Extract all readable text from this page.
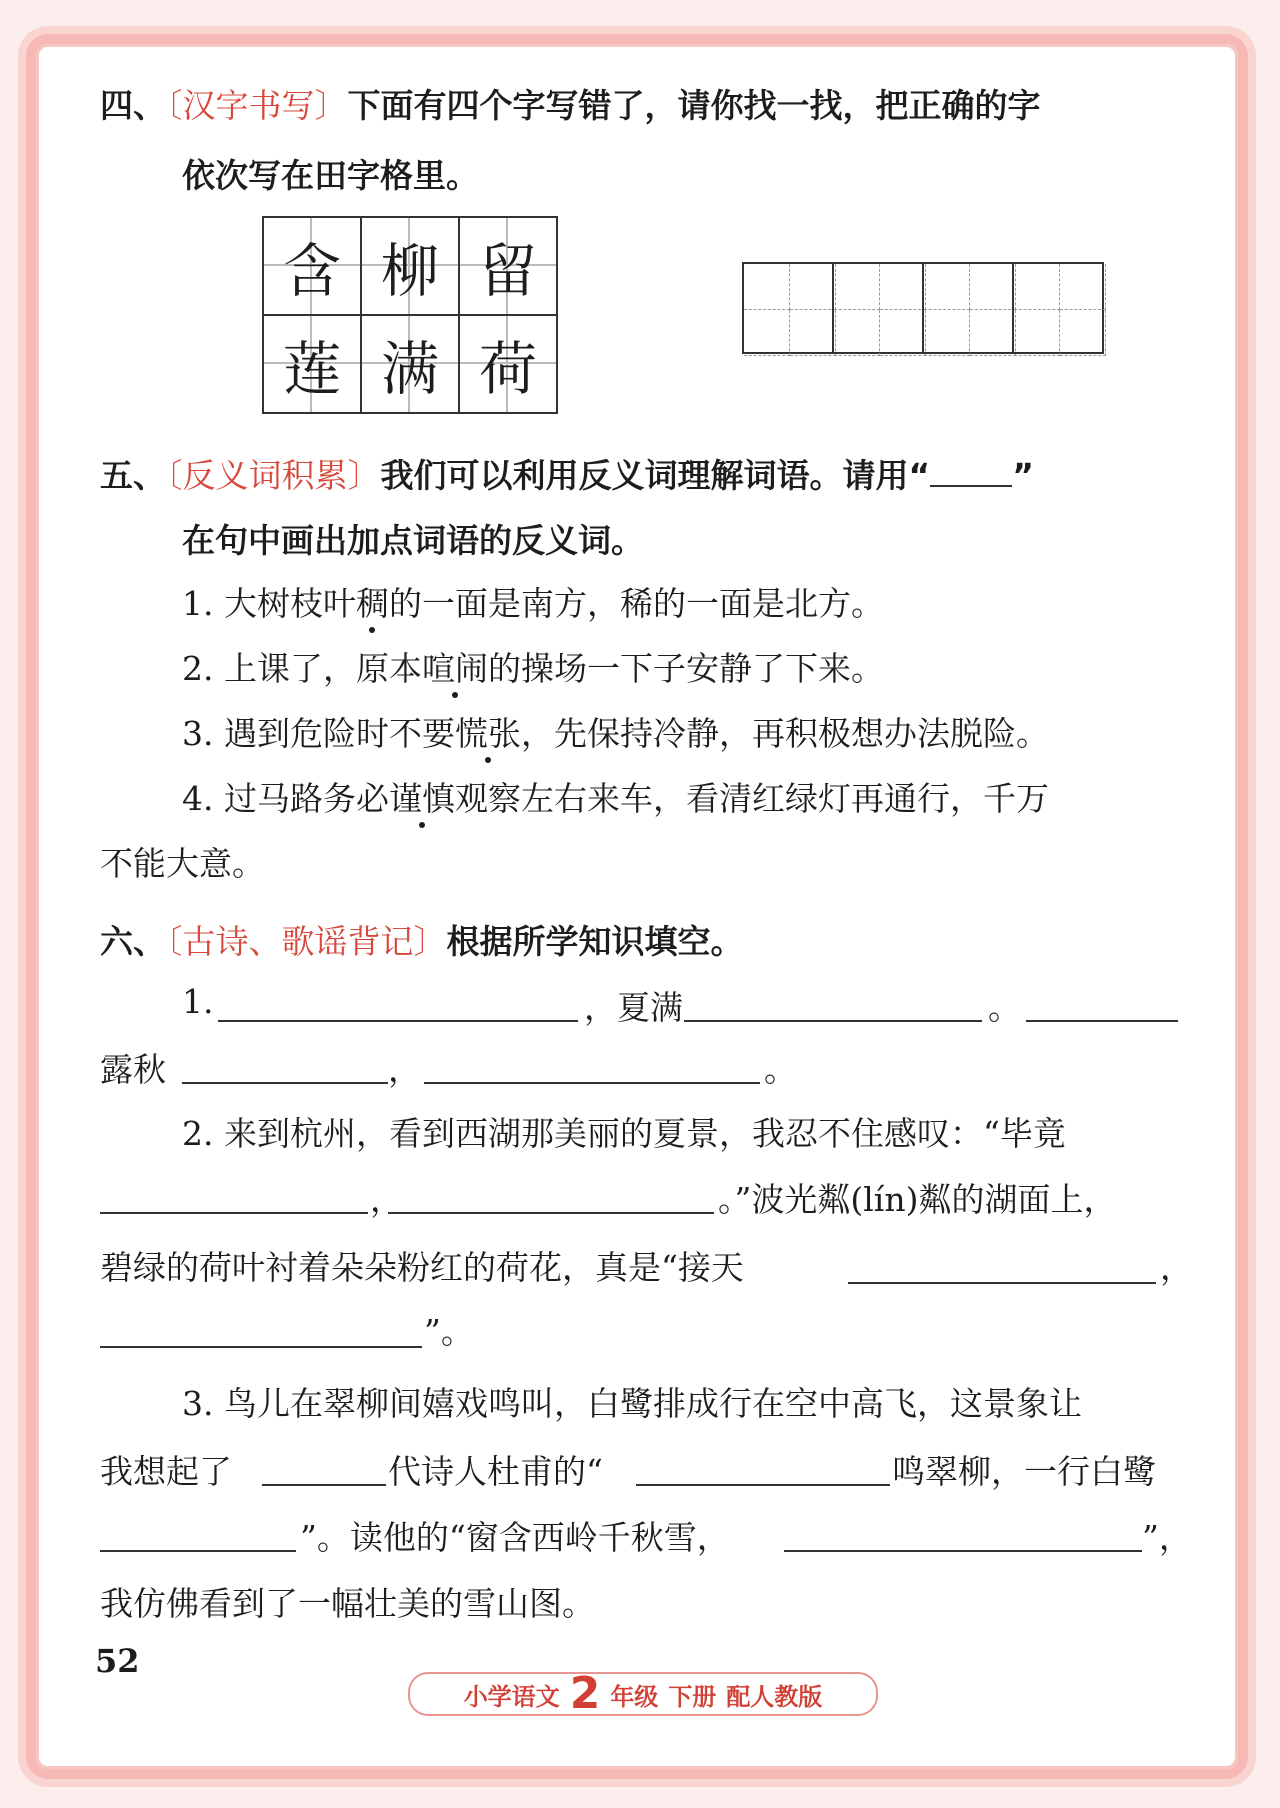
四、〔汉字书写〕下面有四个字写错了，请你找一找，把正确的字
依次写在田字格里。
含	柳	留
莲	满	荷
五、〔反义词积累〕我们可以利用反义词理解词语。请用“ ”
在句中画出加点词语的反义词。
1. 大树枝叶稠的一面是南方，稀的一面是北方。
2. 上课了，原本喧闹的操场一下子安静了下来。
3. 遇到危险时不要慌张，先保持冷静，再积极想办法脱险。
4. 过马路务必谨慎观察左右来车，看清红绿灯再通行，千万
不能大意。
六、〔古诗、歌谣背记〕根据所学知识填空。
1.	，夏满	。
露秋	，	。
2. 来到杭州，看到西湖那美丽的夏景，我忍不住感叹：“毕竟
，	。”波光粼(lín)粼的湖面上，
碧绿的荷叶衬着朵朵粉红的荷花，真是“接天	，
”。
3. 鸟儿在翠柳间嬉戏鸣叫，白鹭排成行在空中高飞，这景象让
我想起了	代诗人杜甫的“	鸣翠柳，一行白鹭
”。读他的“窗含西岭千秋雪，	”，
我仿佛看到了一幅壮美的雪山图。
52
小学语文 2 年级 下册 配人教版
